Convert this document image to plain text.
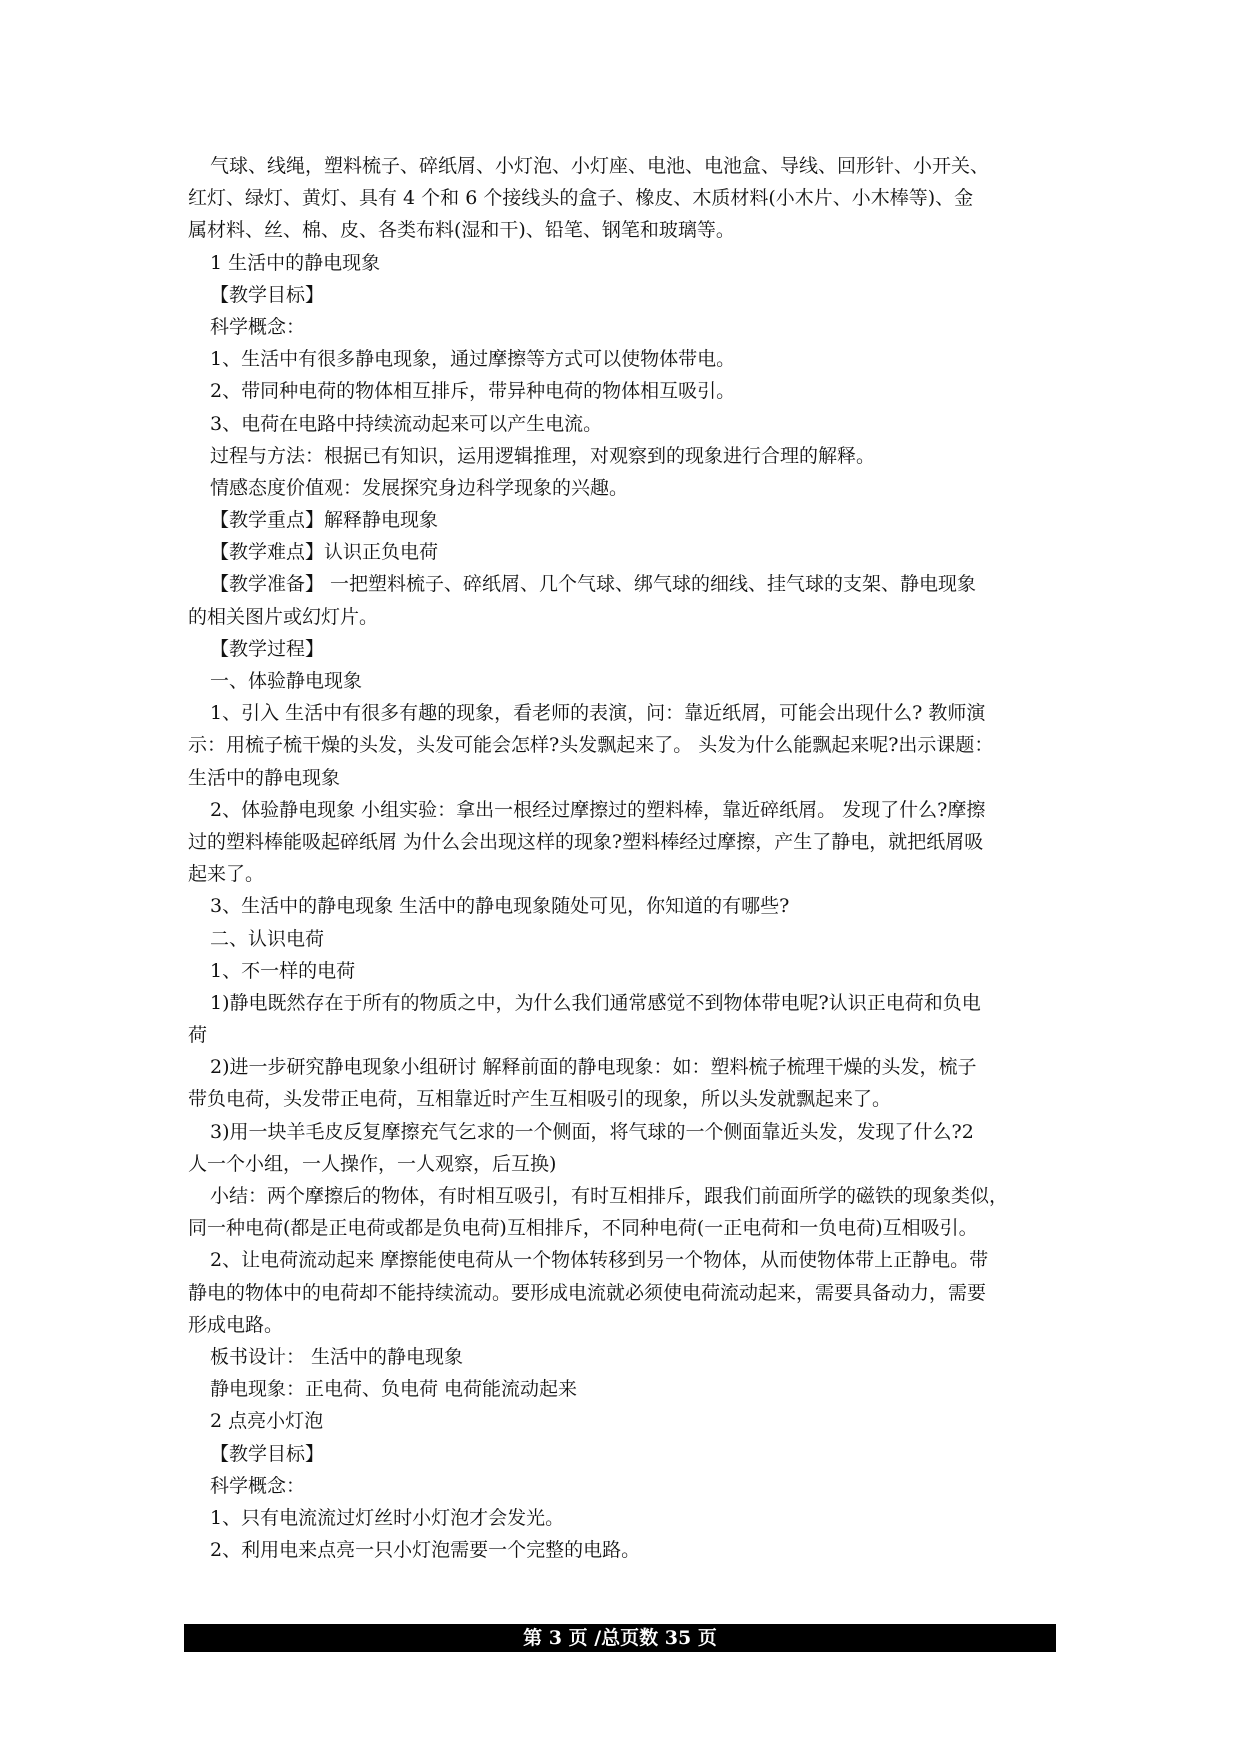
气球、线绳，塑料梳子、碎纸屑、小灯泡、小灯座、电池、电池盒、导线、回形针、小开关、
红灯、绿灯、黄灯、具有 4 个和 6 个接线头的盒子、橡皮、木质材料(小木片、小木棒等)、金
属材料、丝、棉、皮、各类布料(湿和干)、铅笔、钢笔和玻璃等。
1 生活中的静电现象
【教学目标】
科学概念：
1、生活中有很多静电现象，通过摩擦等方式可以使物体带电。
2、带同种电荷的物体相互排斥，带异种电荷的物体相互吸引。
3、电荷在电路中持续流动起来可以产生电流。
过程与方法：根据已有知识，运用逻辑推理，对观察到的现象进行合理的解释。
情感态度价值观：发展探究身边科学现象的兴趣。
【教学重点】解释静电现象
【教学难点】认识正负电荷
【教学准备】 一把塑料梳子、碎纸屑、几个气球、绑气球的细线、挂气球的支架、静电现象
的相关图片或幻灯片。
【教学过程】
一、体验静电现象
1、引入 生活中有很多有趣的现象，看老师的表演，问：靠近纸屑，可能会出现什么? 教师演
示：用梳子梳干燥的头发，头发可能会怎样?头发飘起来了。 头发为什么能飘起来呢?出示课题：
生活中的静电现象
2、体验静电现象 小组实验：拿出一根经过摩擦过的塑料棒，靠近碎纸屑。 发现了什么?摩擦
过的塑料棒能吸起碎纸屑 为什么会出现这样的现象?塑料棒经过摩擦，产生了静电，就把纸屑吸
起来了。
3、生活中的静电现象 生活中的静电现象随处可见，你知道的有哪些?
二、认识电荷
1、不一样的电荷
1)静电既然存在于所有的物质之中，为什么我们通常感觉不到物体带电呢?认识正电荷和负电
荷
2)进一步研究静电现象小组研讨 解释前面的静电现象：如：塑料梳子梳理干燥的头发，梳子
带负电荷，头发带正电荷，互相靠近时产生互相吸引的现象，所以头发就飘起来了。
3)用一块羊毛皮反复摩擦充气乞求的一个侧面，将气球的一个侧面靠近头发，发现了什么?2
人一个小组，一人操作，一人观察，后互换)
小结：两个摩擦后的物体，有时相互吸引，有时互相排斥，跟我们前面所学的磁铁的现象类似，
同一种电荷(都是正电荷或都是负电荷)互相排斥，不同种电荷(一正电荷和一负电荷)互相吸引。
2、让电荷流动起来 摩擦能使电荷从一个物体转移到另一个物体，从而使物体带上正静电。带
静电的物体中的电荷却不能持续流动。要形成电流就必须使电荷流动起来，需要具备动力，需要
形成电路。
板书设计： 生活中的静电现象
静电现象：正电荷、负电荷 电荷能流动起来
2 点亮小灯泡
【教学目标】
科学概念：
1、只有电流流过灯丝时小灯泡才会发光。
2、利用电来点亮一只小灯泡需要一个完整的电路。
第 3 页 /总页数 35 页
